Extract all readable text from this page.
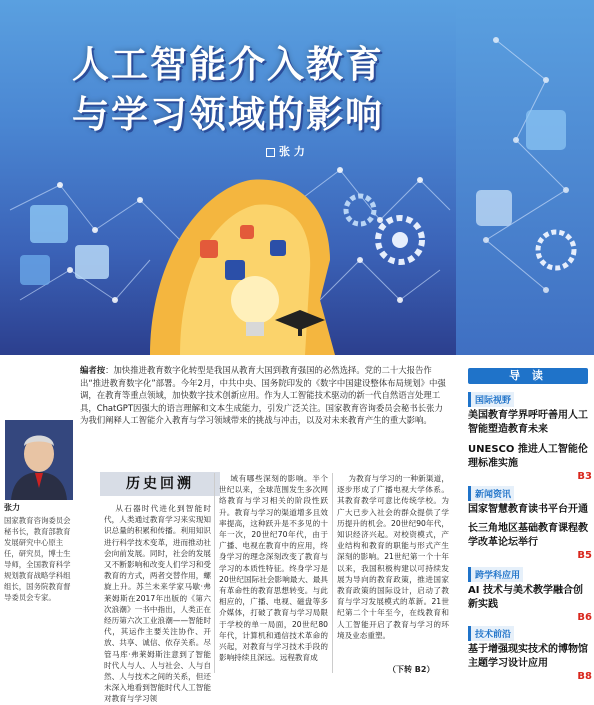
人工智能介入教育
与学习领域的影响
张 力
导 读
国际视野
美国教育学界呼吁善用人工智能塑造教育未来
UNESCO 推进人工智能伦理标准实施
B3
新闻资讯
国家智慧教育读书平台开通
长三角地区基础教育课程教学改革论坛举行
B5
跨学科应用
AI 技术与美术教学融合创新实践
B6
技术前沿
基于增强现实技术的博物馆主题学习设计应用
B8
张力
国家教育咨询委员会秘书长，教育部教育发展研究中心原主任，研究员，博士生导师，全国教育科学规划教育战略学科组组长，国务院教育督导委员会专家。
编者按：加快推进教育数字化转型是我国从教育大国到教育强国的必然选择。党的二十大报告作出“推进教育数字化”部署。今年2月，中共中央、国务院印发的《数字中国建设整体布局规划》中强调，在教育等重点领域，加快数字技术创新应用。作为人工智能技术驱动的新一代自然语言处理工具，ChatGPT因强大的语言理解和文本生成能力，引发广泛关注。国家教育咨询委员会秘书长张力为我们阐释人工智能介入教育与学习领域带来的挑战与冲击，以及对未来教育产生的重大影响。
历史回溯

从石器时代进化到智能时代，人类通过教育学习来实现知识总量的积累和传播。利用知识进行科学技术变革，进而推动社会向前发展。同时，社会的发展又不断影响和改变人们学习和受教育的方式，两者交替作用，螺旋上升。苏兰未来学家马歇·弗莱姆斯在2017年出版的《第六次浪潮》一书中指出，人类正在经历第六次工业浪潮——智能时代，其运作主要关注协作、开放、共享、诚信、依存关系。尽管马库·弗莱姆斯注意到了智能时代人与人、人与社会、人与自然、人与技术之间的关系，但还未深入地看到智能时代人工智能对教育与学习领

域有哪些深刻的影响。半个世纪以来，全球范围发生多次网络教育与学习相关的阶段性跃升。教育与学习的渠道增多且效率提高，这种跃升是不多见的十年一次，20世纪70年代，由于广播、电视在教育中的应用，终身学习的理念深刻改变了教育与学习的本质性特征。终身学习是20世纪国际社会影响最大、最具有革命性的教育思想转变。与此相应的，广播、电视、磁盘等多介媒体，打破了教育与学习局限于学校的单一局面，20世纪80年代，计算机和通信技术革命的兴起，对教育与学习技术手段的影响持续且深远。远程教育成

为教育与学习的一种新渠道，逐步形成了广播电视大学体系。其教育教学可意比传统学校。为广大已步入社会的群众提供了学历提升的机会。20世纪90年代，知识经济兴起。对校资模式，产业结构和教育的职能与形式产生深刻的影响。21世纪第一个十年以来，我国积极构建以可持续发展为导向的教育政策，推进国家教育政策的国际设计，启动了教育与学习发展模式的革新。21世纪第二个十年至今，在线教育和人工智能开启了教育与学习的环境及业态重塑。

（下转 B2）
